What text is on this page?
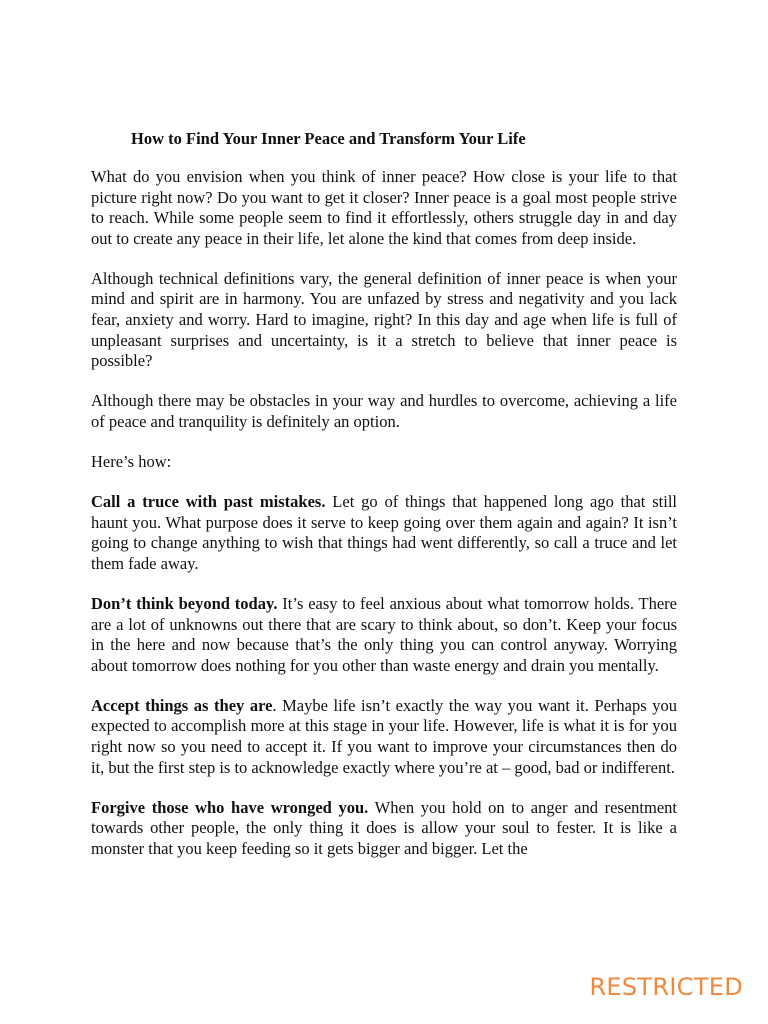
How to Find Your Inner Peace and Transform Your Life

What do you envision when you think of inner peace? How close is your life to that picture right now? Do you want to get it closer? Inner peace is a goal most people strive to reach. While some people seem to find it effortlessly, others struggle day in and day out to create any peace in their life, let alone the kind that comes from deep inside.

Although technical definitions vary, the general definition of inner peace is when your mind and spirit are in harmony. You are unfazed by stress and negativity and you lack fear, anxiety and worry. Hard to imagine, right? In this day and age when life is full of unpleasant surprises and uncertainty, is it a stretch to believe that inner peace is possible?

Although there may be obstacles in your way and hurdles to overcome, achieving a life of peace and tranquility is definitely an option.

Here’s how:

Call a truce with past mistakes. Let go of things that happened long ago that still haunt you. What purpose does it serve to keep going over them again and again? It isn’t going to change anything to wish that things had went differently, so call a truce and let them fade away.

Don’t think beyond today. It’s easy to feel anxious about what tomorrow holds. There are a lot of unknowns out there that are scary to think about, so don’t. Keep your focus in the here and now because that’s the only thing you can control anyway. Worrying about tomorrow does nothing for you other than waste energy and drain you mentally.

Accept things as they are. Maybe life isn’t exactly the way you want it. Perhaps you expected to accomplish more at this stage in your life. However, life is what it is for you right now so you need to accept it. If you want to improve your circumstances then do it, but the first step is to acknowledge exactly where you’re at – good, bad or indifferent.

Forgive those who have wronged you. When you hold on to anger and resentment towards other people, the only thing it does is allow your soul to fester. It is like a monster that you keep feeding so it gets bigger and bigger. Let the

RESTRICTED
